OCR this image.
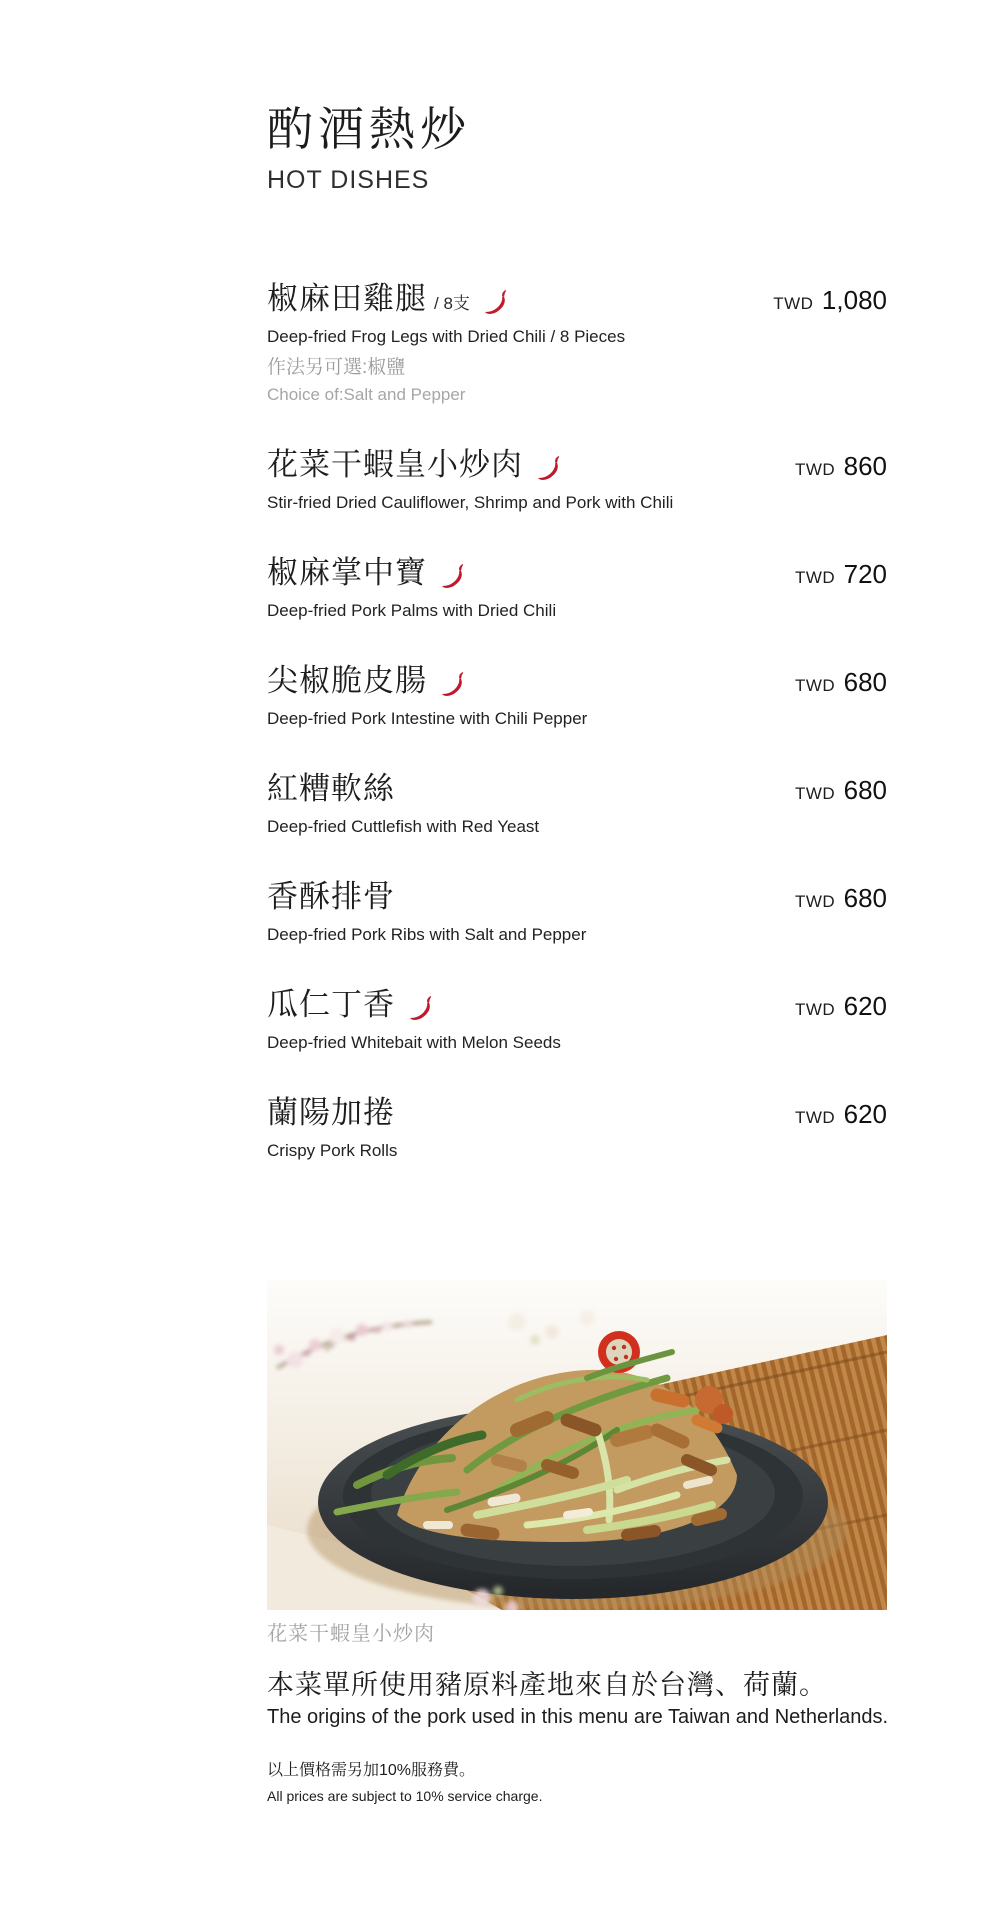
酌酒熱炒
HOT DISHES
椒麻田雞腿 / 8支	TWD 1,080
Deep-fried Frog Legs with Dried Chili / 8 Pieces
作法另可選:椒鹽
Choice of:Salt and Pepper
花菜干蝦皇小炒肉	TWD 860
Stir-fried Dried Cauliflower, Shrimp and Pork with Chili
椒麻掌中寶	TWD 720
Deep-fried Pork Palms with Dried Chili
尖椒脆皮腸	TWD 680
Deep-fried Pork Intestine with Chili Pepper
紅糟軟絲	TWD 680
Deep-fried Cuttlefish with Red Yeast
香酥排骨	TWD 680
Deep-fried Pork Ribs with Salt and Pepper
瓜仁丁香	TWD 620
Deep-fried Whitebait with Melon Seeds
蘭陽加捲	TWD 620
Crispy Pork Rolls
花菜干蝦皇小炒肉
本菜單所使用豬原料產地來自於台灣、荷蘭。
The origins of the pork used in this menu are Taiwan and Netherlands.
以上價格需另加10%服務費。
All prices are subject to 10% service charge.
